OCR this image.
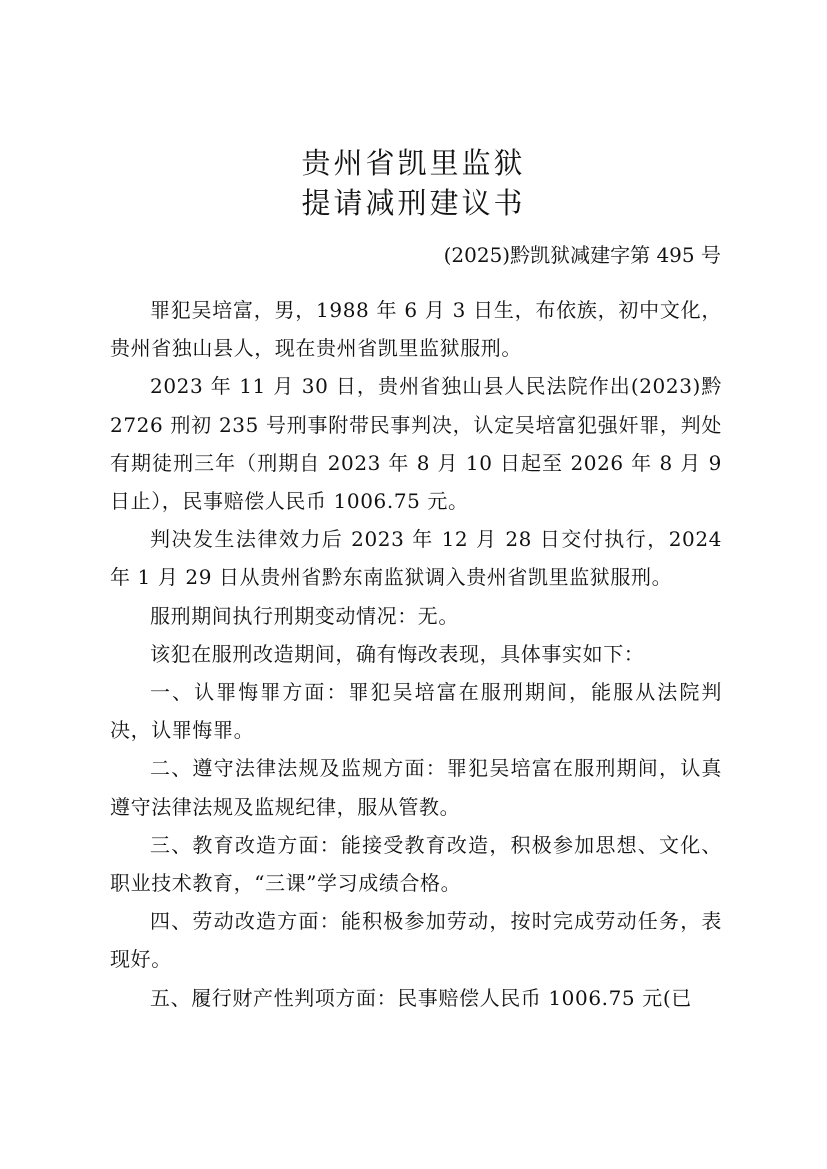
贵州省凯里监狱
提请减刑建议书

(2025)黔凯狱减建字第 495 号

罪犯吴培富，男，1988 年 6 月 3 日生，布依族，初中文化，贵州省独山县人，现在贵州省凯里监狱服刑。

2023 年 11 月 30 日，贵州省独山县人民法院作出(2023)黔 2726 刑初 235 号刑事附带民事判决，认定吴培富犯强奸罪，判处有期徒刑三年（刑期自 2023 年 8 月 10 日起至 2026 年 8 月 9 日止），民事赔偿人民币 1006.75 元。

判决发生法律效力后 2023 年 12 月 28 日交付执行，2024 年 1 月 29 日从贵州省黔东南监狱调入贵州省凯里监狱服刑。

服刑期间执行刑期变动情况：无。

该犯在服刑改造期间，确有悔改表现，具体事实如下：

一、认罪悔罪方面：罪犯吴培富在服刑期间，能服从法院判决，认罪悔罪。

二、遵守法律法规及监规方面：罪犯吴培富在服刑期间，认真遵守法律法规及监规纪律，服从管教。

三、教育改造方面：能接受教育改造，积极参加思想、文化、职业技术教育，“三课”学习成绩合格。

四、劳动改造方面：能积极参加劳动，按时完成劳动任务，表现好。

五、履行财产性判项方面：民事赔偿人民币 1006.75 元(已
